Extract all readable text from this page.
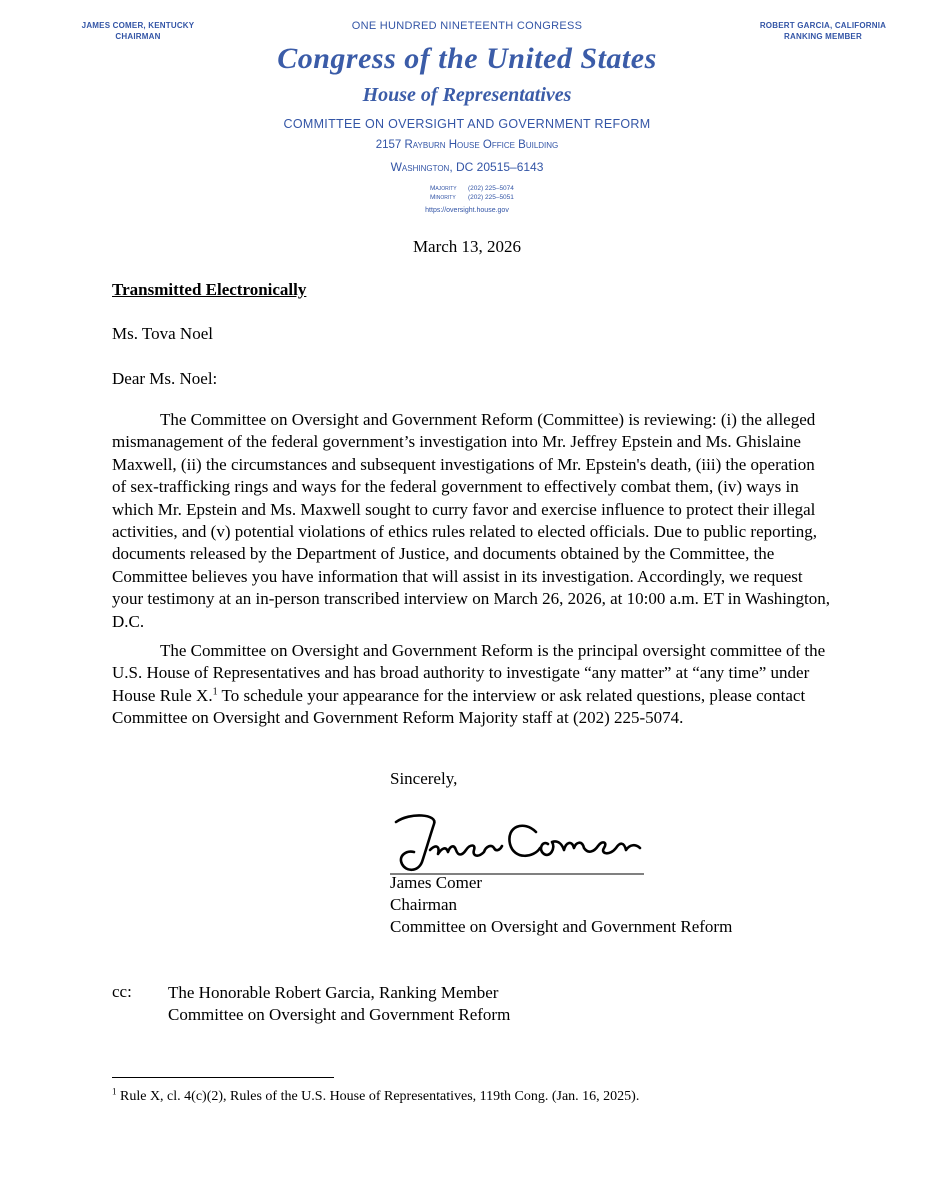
JAMES COMER, KENTUCKY
CHAIRMAN
ROBERT GARCIA, CALIFORNIA
RANKING MEMBER
ONE HUNDRED NINETEENTH CONGRESS
Congress of the United States
House of Representatives
COMMITTEE ON OVERSIGHT AND GOVERNMENT REFORM
2157 Rayburn House Office Building
Washington, DC 20515–6143
Majority (202) 225–5074
Minority (202) 225–5051
https://oversight.house.gov
March 13, 2026
Transmitted Electronically
Ms. Tova Noel
Dear Ms. Noel:
The Committee on Oversight and Government Reform (Committee) is reviewing: (i) the alleged mismanagement of the federal government’s investigation into Mr. Jeffrey Epstein and Ms. Ghislaine Maxwell, (ii) the circumstances and subsequent investigations of Mr. Epstein's death, (iii) the operation of sex-trafficking rings and ways for the federal government to effectively combat them, (iv) ways in which Mr. Epstein and Ms. Maxwell sought to curry favor and exercise influence to protect their illegal activities, and (v) potential violations of ethics rules related to elected officials. Due to public reporting, documents released by the Department of Justice, and documents obtained by the Committee, the Committee believes you have information that will assist in its investigation. Accordingly, we request your testimony at an in-person transcribed interview on March 26, 2026, at 10:00 a.m. ET in Washington, D.C.
The Committee on Oversight and Government Reform is the principal oversight committee of the U.S. House of Representatives and has broad authority to investigate “any matter” at “any time” under House Rule X.$^1$ To schedule your appearance for the interview or ask related questions, please contact Committee on Oversight and Government Reform Majority staff at (202) 225-5074.
Sincerely,
James Comer
Chairman
Committee on Oversight and Government Reform
cc: The Honorable Robert Garcia, Ranking Member
Committee on Oversight and Government Reform
$^1$ Rule X, cl. 4(c)(2), Rules of the U.S. House of Representatives, 119th Cong. (Jan. 16, 2025).
